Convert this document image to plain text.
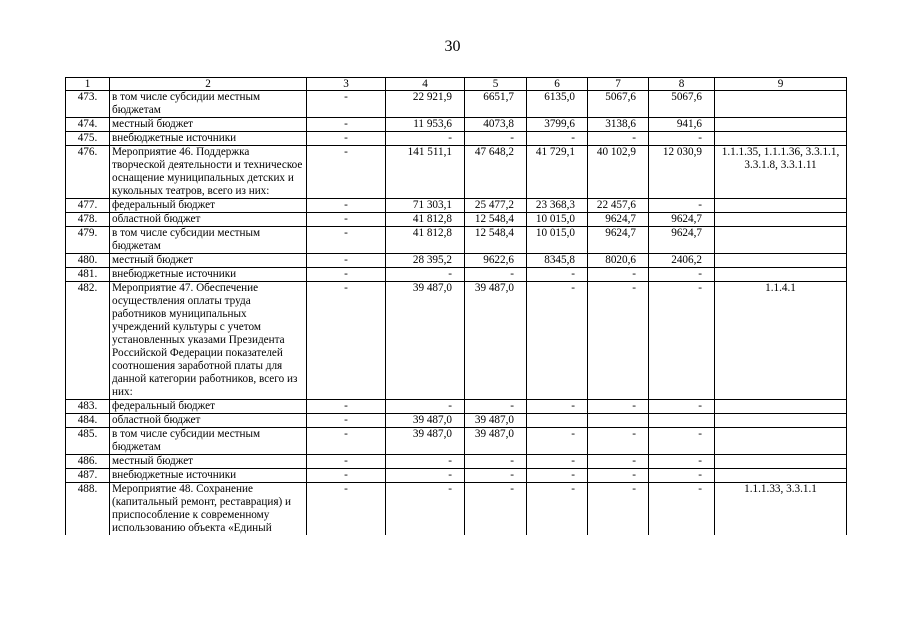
30
1	2	3	4	5	6	7	8	9
473.	в том числе субсидии местным бюджетам	-	22 921,9	6651,7	6135,0	5067,6	5067,6	
474.	местный бюджет	-	11 953,6	4073,8	3799,6	3138,6	941,6	
475.	внебюджетные источники	-	-	-	-	-	-	
476.	Мероприятие 46. Поддержка творческой деятельности и техническое оснащение муниципальных детских и кукольных театров, всего из них:	-	141 511,1	47 648,2	41 729,1	40 102,9	12 030,9	1.1.1.35, 1.1.1.36, 3.3.1.1, 3.3.1.8, 3.3.1.11
477.	федеральный бюджет	-	71 303,1	25 477,2	23 368,3	22 457,6	-	
478.	областной бюджет	-	41 812,8	12 548,4	10 015,0	9624,7	9624,7	
479.	в том числе субсидии местным бюджетам	-	41 812,8	12 548,4	10 015,0	9624,7	9624,7	
480.	местный бюджет	-	28 395,2	9622,6	8345,8	8020,6	2406,2	
481.	внебюджетные источники	-	-	-	-	-	-	
482.	Мероприятие 47. Обеспечение осуществления оплаты труда работников муниципальных учреждений культуры с учетом установленных указами Президента Российской Федерации показателей соотношения заработной платы для данной категории работников, всего из них:	-	39 487,0	39 487,0	-	-	-	1.1.4.1
483.	федеральный бюджет	-	-	-	-	-	-	
484.	областной бюджет	-	39 487,0	39 487,0				
485.	в том числе субсидии местным бюджетам	-	39 487,0	39 487,0	-	-	-	
486.	местный бюджет	-	-	-	-	-	-	
487.	внебюджетные источники	-	-	-	-	-	-	
488.	Мероприятие 48. Сохранение (капитальный ремонт, реставрация) и приспособление к современному использованию объекта «Единый	-	-	-	-	-	-	1.1.1.33, 3.3.1.1
